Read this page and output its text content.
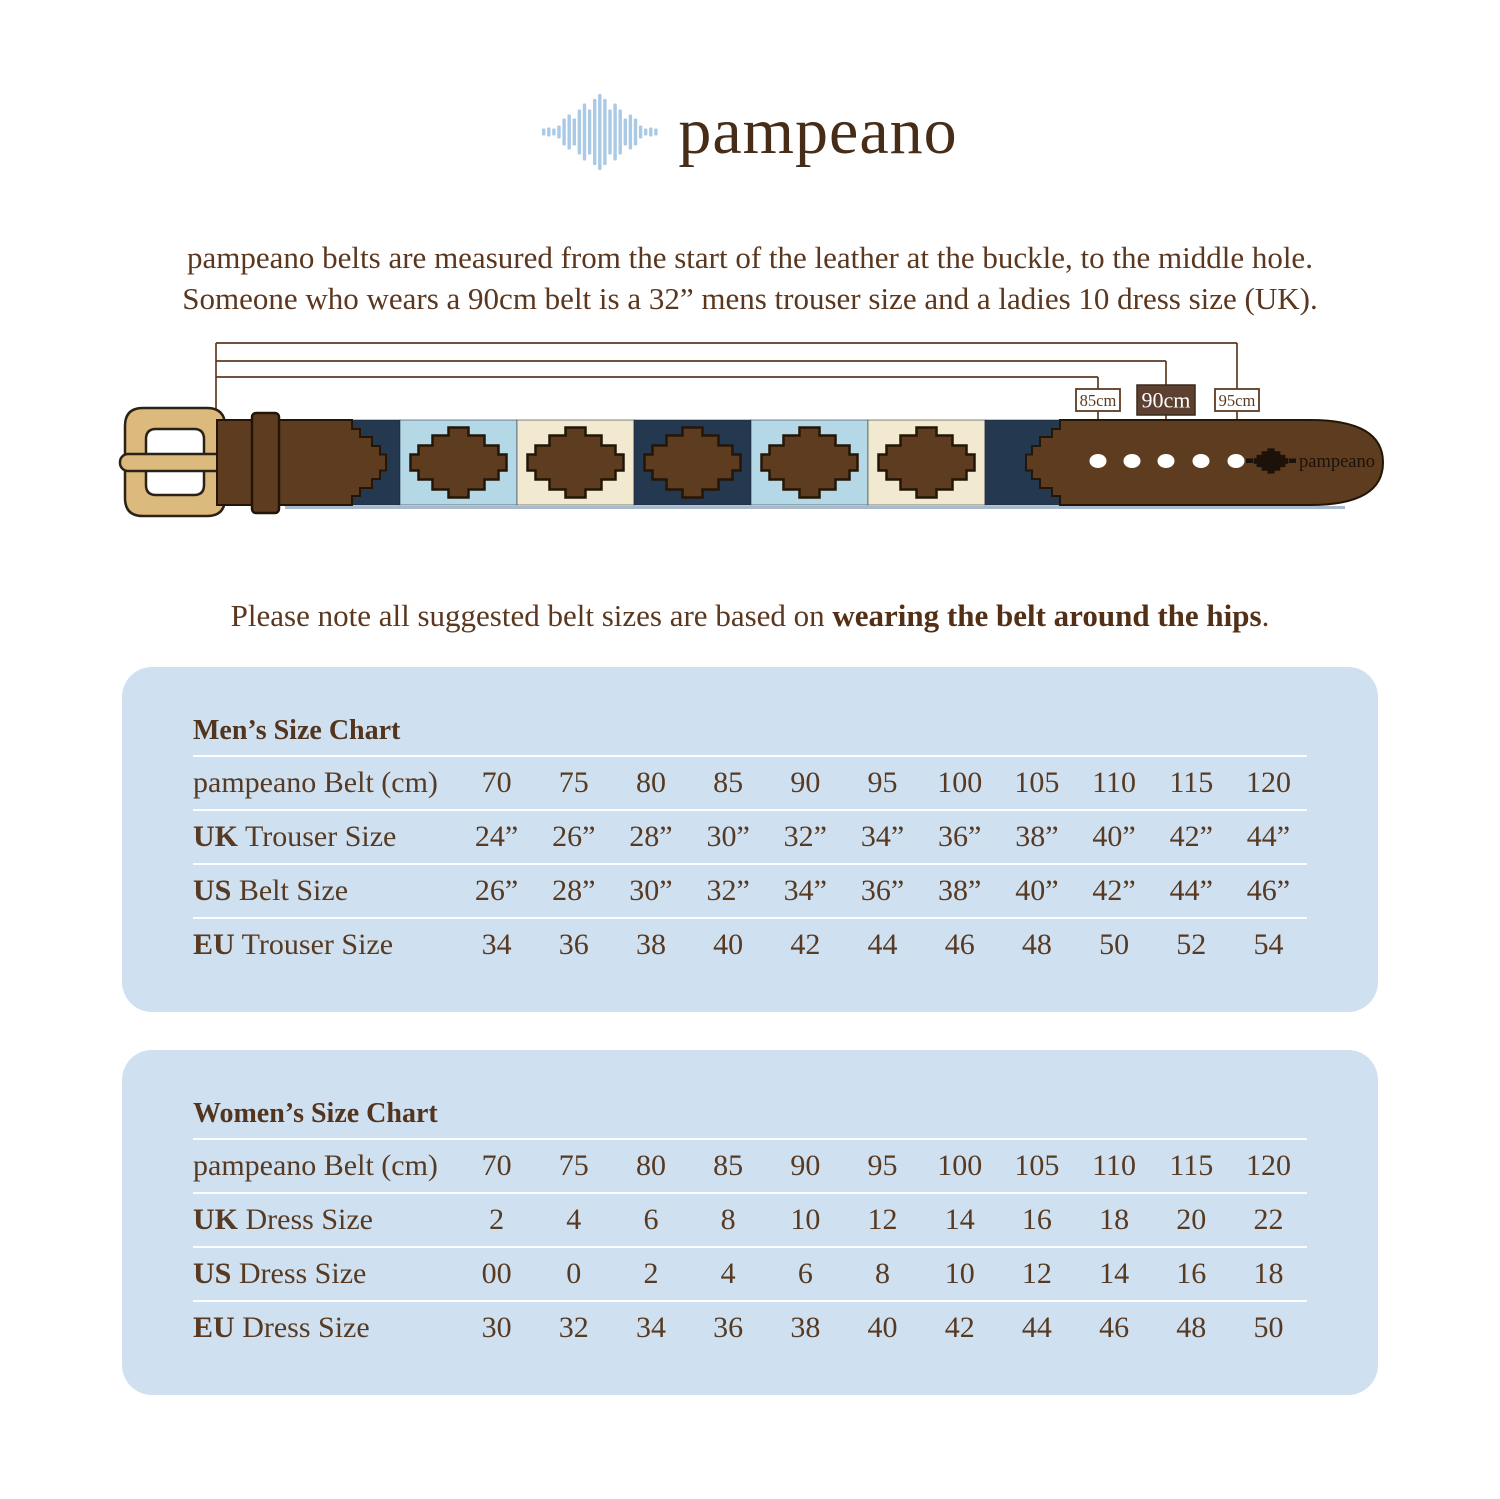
pampeano

pampeano belts are measured from the start of the leather at the buckle, to the middle hole.
Someone who wears a 90cm belt is a 32” mens trouser size and a ladies 10 dress size (UK).

pampeano
85cm 90cm 95cm

Please note all suggested belt sizes are based on wearing the belt around the hips.

Men’s Size Chart
pampeano Belt (cm)	70	75	80	85	90	95	100	105	110	115	120
UK Trouser Size	24”	26”	28”	30”	32”	34”	36”	38”	40”	42”	44”
US Belt Size	26”	28”	30”	32”	34”	36”	38”	40”	42”	44”	46”
EU Trouser Size	34	36	38	40	42	44	46	48	50	52	54
Women’s Size Chart
pampeano Belt (cm)	70	75	80	85	90	95	100	105	110	115	120
UK Dress Size	2	4	6	8	10	12	14	16	18	20	22
US Dress Size	00	0	2	4	6	8	10	12	14	16	18
EU Dress Size	30	32	34	36	38	40	42	44	46	48	50
